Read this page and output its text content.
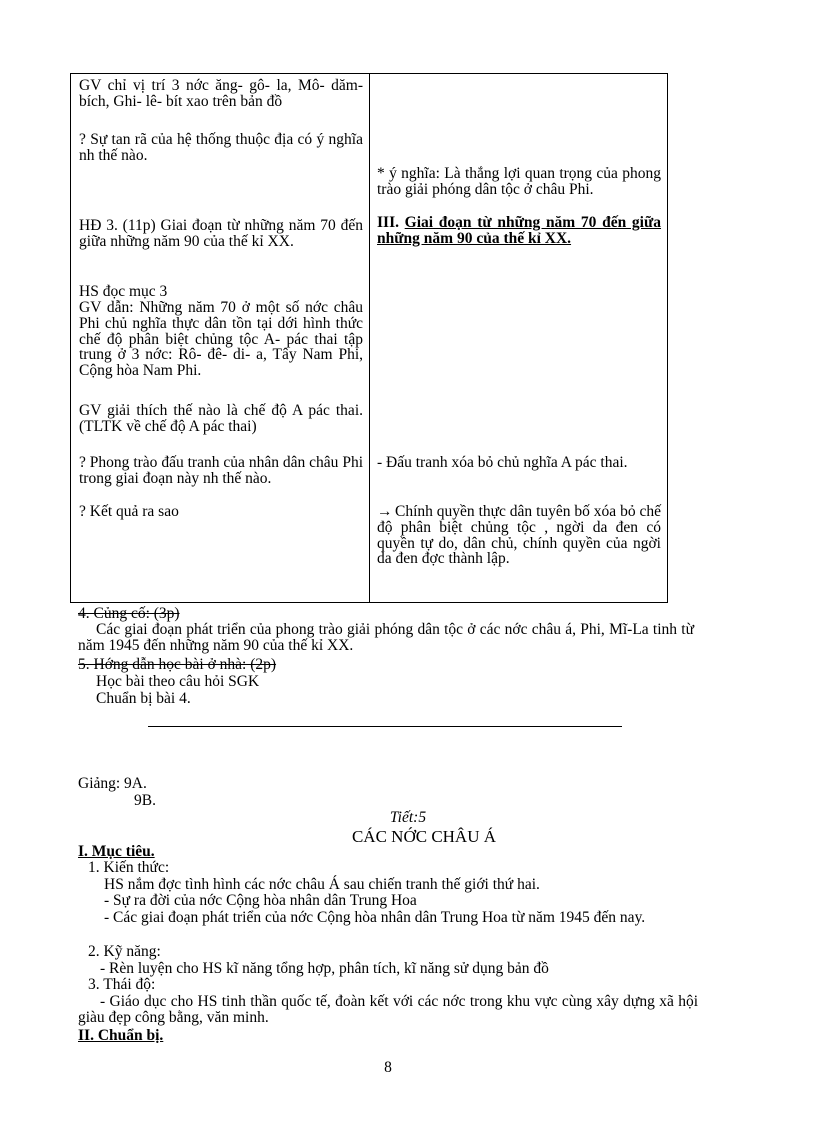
GV chỉ vị trí 3 nớc ăng- gô- la, Mô- dăm- bích, Ghi- lê- bít xao trên bản đồ
? Sự tan rã của hệ thống thuộc địa có ý nghĩa nh thế nào.
HĐ 3. (11p) Giai đoạn từ những năm 70 đến giữa những năm 90 của thế kỉ XX.
HS đọc mục 3
GV dẫn: Những năm 70 ở một số nớc châu Phi chủ nghĩa thực dân tồn tại dới hình thức chế độ phân biệt chủng tộc A- pác thai tập trung ở 3 nớc: Rô- đê- di- a, Tây Nam Phi, Cộng hòa Nam Phi.
GV giải thích thế nào là chế độ A pác thai. (TLTK về chế độ A pác thai)
? Phong trào đấu tranh của nhân dân châu Phi trong giai đoạn này nh thế nào.
? Kết quả ra sao
* ý nghĩa: Là thắng lợi quan trọng của phong trào giải phóng dân tộc ở châu Phi.
III. Giai đoạn từ những năm 70 đến giữa những năm 90 của thế kỉ XX.
- Đấu tranh xóa bỏ chủ nghĩa A pác thai.
→ Chính quyền thực dân tuyên bố xóa bỏ chế độ phân biệt chủng tộc , ngời da đen có quyền tự do, dân chủ, chính quyền của ngời da đen đợc thành lập.
4. Củng cố: (3p)
Các giai đoạn phát triển của phong trào giải phóng dân tộc ở các nớc châu á, Phi, Mĩ-La tinh từ năm 1945 đến những năm 90 của thế kỉ XX.
5. Hớng dẫn học bài ở nhà: (2p)
Học bài theo câu hỏi SGK
Chuẩn bị bài 4.
Giảng: 9A.
9B.
Tiết:5
CÁC NỚC CHÂU Á
I. Mục tiêu.
1. Kiến thức:
HS nắm đợc tình hình các nớc châu Á sau chiến tranh thế giới thứ hai.
- Sự ra đời của nớc Cộng hòa nhân dân Trung Hoa
- Các giai đoạn phát triển của nớc Cộng hòa nhân dân Trung Hoa từ năm 1945 đến nay.
2. Kỹ năng:
- Rèn luyện cho HS kĩ năng tổng hợp, phân tích, kĩ năng sử dụng bản đồ
3. Thái độ:
- Giáo dục cho HS tinh thần quốc tế, đoàn kết với các nớc trong khu vực cùng xây dựng xã hội giàu đẹp công bằng, văn minh.
II. Chuẩn bị.
8
